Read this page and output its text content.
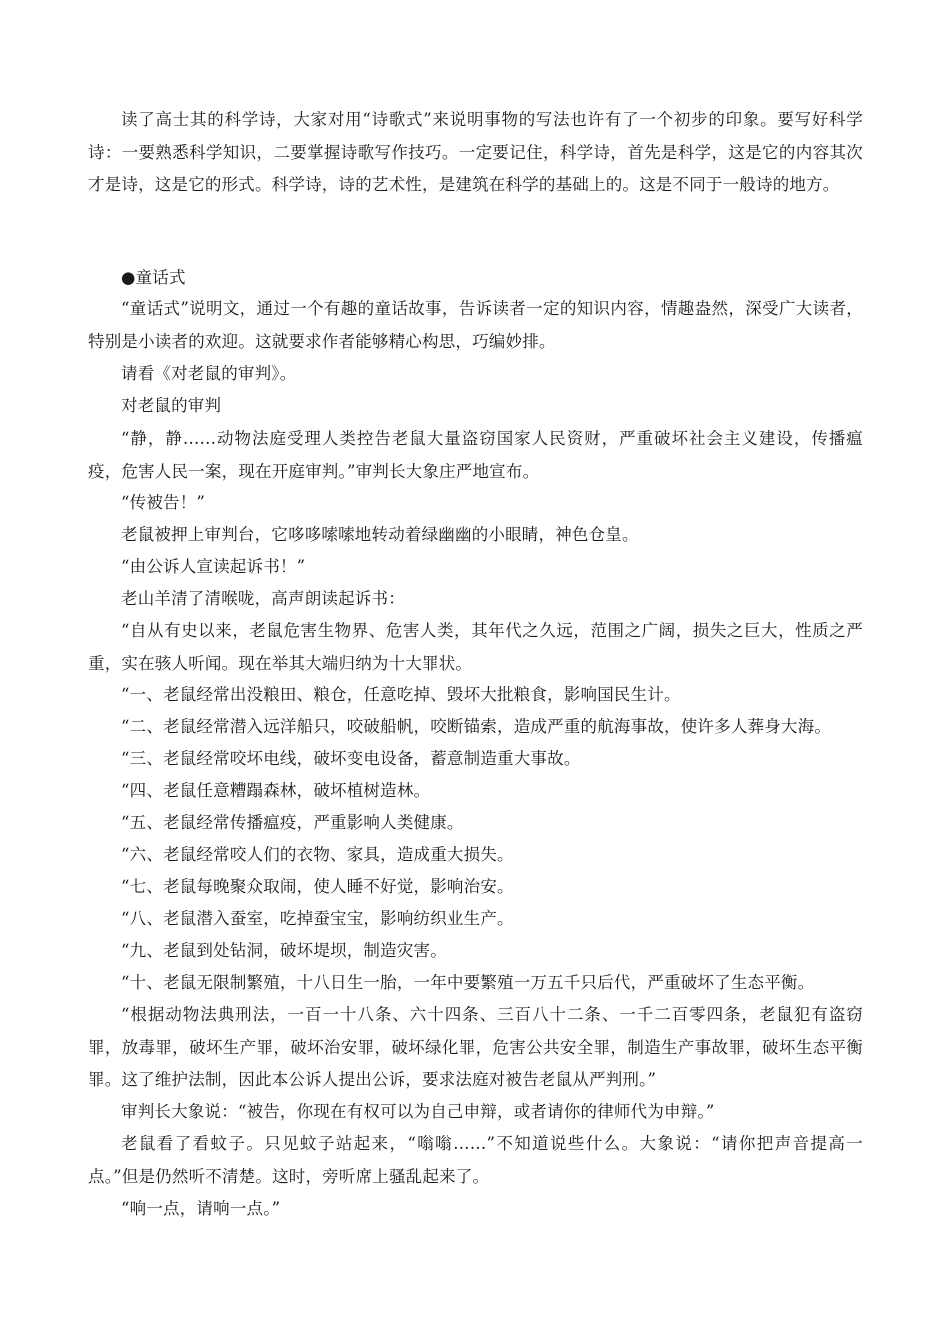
读了高士其的科学诗，大家对用“诗歌式”来说明事物的写法也许有了一个初步的印象。要写好科学诗：一要熟悉科学知识，二要掌握诗歌写作技巧。一定要记住，科学诗，首先是科学，这是它的内容其次才是诗，这是它的形式。科学诗，诗的艺术性，是建筑在科学的基础上的。这是不同于一般诗的地方。

●童话式

“童话式”说明文，通过一个有趣的童话故事，告诉读者一定的知识内容，情趣盎然，深受广大读者，特别是小读者的欢迎。这就要求作者能够精心构思，巧编妙排。

请看《对老鼠的审判》。

对老鼠的审判

“静，静……动物法庭受理人类控告老鼠大量盗窃国家人民资财，严重破坏社会主义建设，传播瘟疫，危害人民一案，现在开庭审判。”审判长大象庄严地宣布。

“传被告！”

老鼠被押上审判台，它哆哆嗦嗦地转动着绿幽幽的小眼睛，神色仓皇。

“由公诉人宣读起诉书！”

老山羊清了清喉咙，高声朗读起诉书：

“自从有史以来，老鼠危害生物界、危害人类，其年代之久远，范围之广阔，损失之巨大，性质之严重，实在骇人听闻。现在举其大端归纳为十大罪状。

“一、老鼠经常出没粮田、粮仓，任意吃掉、毁坏大批粮食，影响国民生计。

“二、老鼠经常潜入远洋船只，咬破船帆，咬断锚索，造成严重的航海事故，使许多人葬身大海。

“三、老鼠经常咬坏电线，破坏变电设备，蓄意制造重大事故。

“四、老鼠任意糟蹋森林，破坏植树造林。

“五、老鼠经常传播瘟疫，严重影响人类健康。

“六、老鼠经常咬人们的衣物、家具，造成重大损失。

“七、老鼠每晚聚众取闹，使人睡不好觉，影响治安。

“八、老鼠潜入蚕室，吃掉蚕宝宝，影响纺织业生产。

“九、老鼠到处钻洞，破坏堤坝，制造灾害。

“十、老鼠无限制繁殖，十八日生一胎，一年中要繁殖一万五千只后代，严重破坏了生态平衡。

“根据动物法典刑法，一百一十八条、六十四条、三百八十二条、一千二百零四条，老鼠犯有盗窃罪，放毒罪，破坏生产罪，破坏治安罪，破坏绿化罪，危害公共安全罪，制造生产事故罪，破坏生态平衡罪。这了维护法制，因此本公诉人提出公诉，要求法庭对被告老鼠从严判刑。”

审判长大象说：“被告，你现在有权可以为自己申辩，或者请你的律师代为申辩。”

老鼠看了看蚊子。只见蚊子站起来，“嗡嗡……”不知道说些什么。大象说：“请你把声音提高一点。”但是仍然听不清楚。这时，旁听席上骚乱起来了。

“响一点，请响一点。”
